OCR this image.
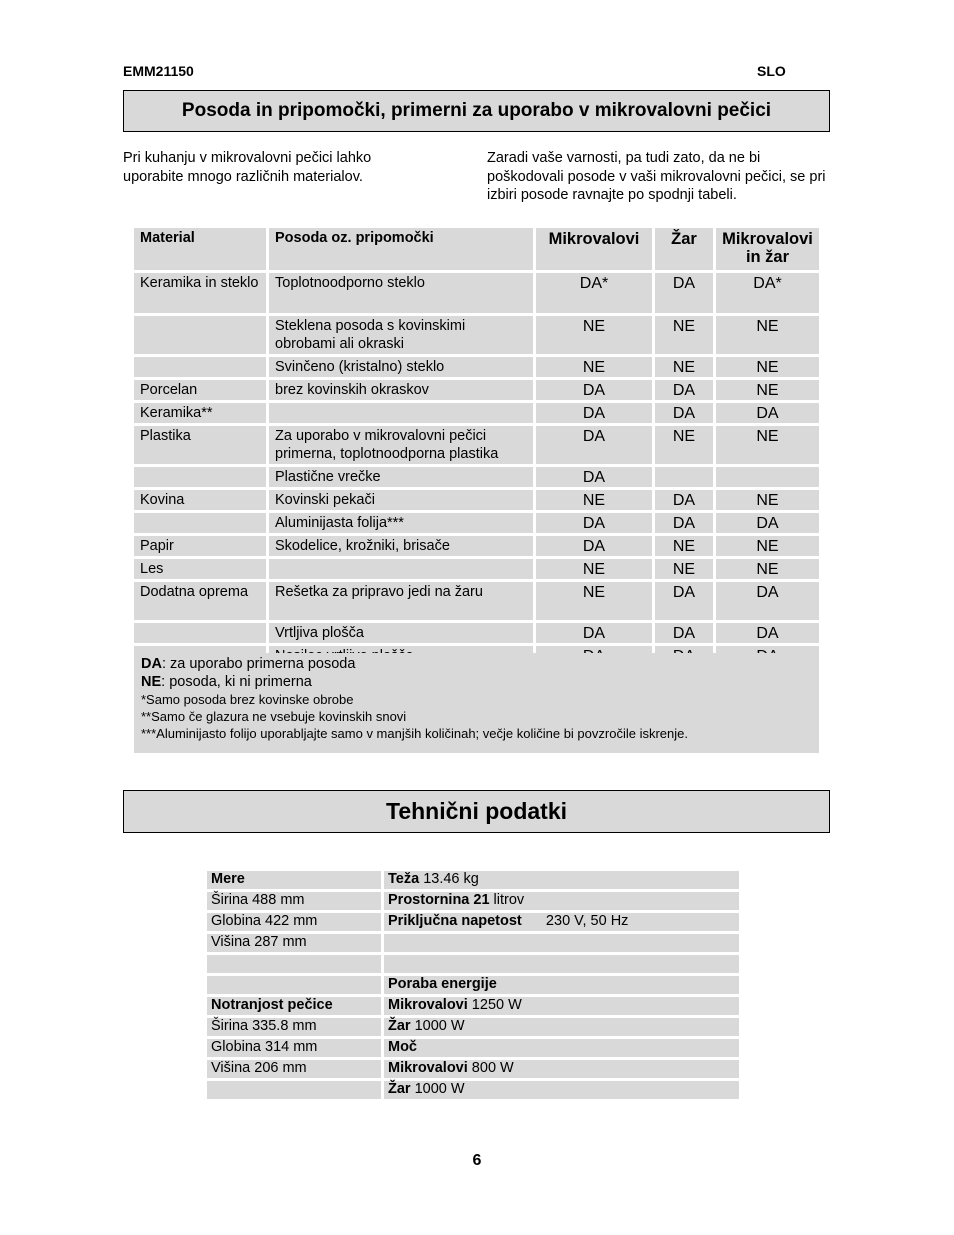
EMM21150	SLO
Posoda in pripomočki, primerni za uporabo v mikrovalovni pečici
Pri kuhanju v mikrovalovni pečici lahko uporabite mnogo različnih materialov.
Zaradi vaše varnosti, pa tudi zato, da ne bi poškodovali posode v vaši mikrovalovni pečici, se pri izbiri posode ravnajte po spodnji tabeli.
Material	Posoda oz. pripomočki	Mikrovalovi	Žar	Mikrovalovi in žar
Keramika in steklo	Toplotnoodporno steklo	DA*	DA	DA*
	Steklena posoda s kovinskimi obrobami ali okraski	NE	NE	NE
	Svinčeno (kristalno) steklo	NE	NE	NE
Porcelan	brez kovinskih okraskov	DA	DA	NE
Keramika**		DA	DA	DA
Plastika	Za uporabo v mikrovalovni pečici primerna, toplotnoodporna plastika	DA	NE	NE
	Plastične vrečke	DA		
Kovina	Kovinski pekači	NE	DA	NE
	Aluminijasta folija***	DA	DA	DA
Papir	Skodelice, krožniki, brisače	DA	NE	NE
Les		NE	NE	NE
Dodatna oprema	Rešetka za pripravo jedi na žaru	NE	DA	DA
	Vrtljiva plošča	DA	DA	DA

DA: za uporabo primerna posoda
NE: posoda, ki ni primerna
*Samo posoda brez kovinske obrobe
**Samo če glazura ne vsebuje kovinskih snovi
***Aluminijasto folijo uporabljajte samo v manjših količinah; večje količine bi povzročile iskrenje.
Tehnični podatki
Mere	Teža 13.46 kg
Širina 488 mm	Prostornina 21 litrov
Globina 422 mm	Priključna napetost      230 V, 50 Hz
Višina 287 mm	

	Poraba energije
Notranjost pečice	Mikrovalovi 1250 W
Širina 335.8 mm	Žar 1000 W
Globina 314 mm	Moč
Višina 206 mm	Mikrovalovi 800 W
	Žar 1000 W
6
